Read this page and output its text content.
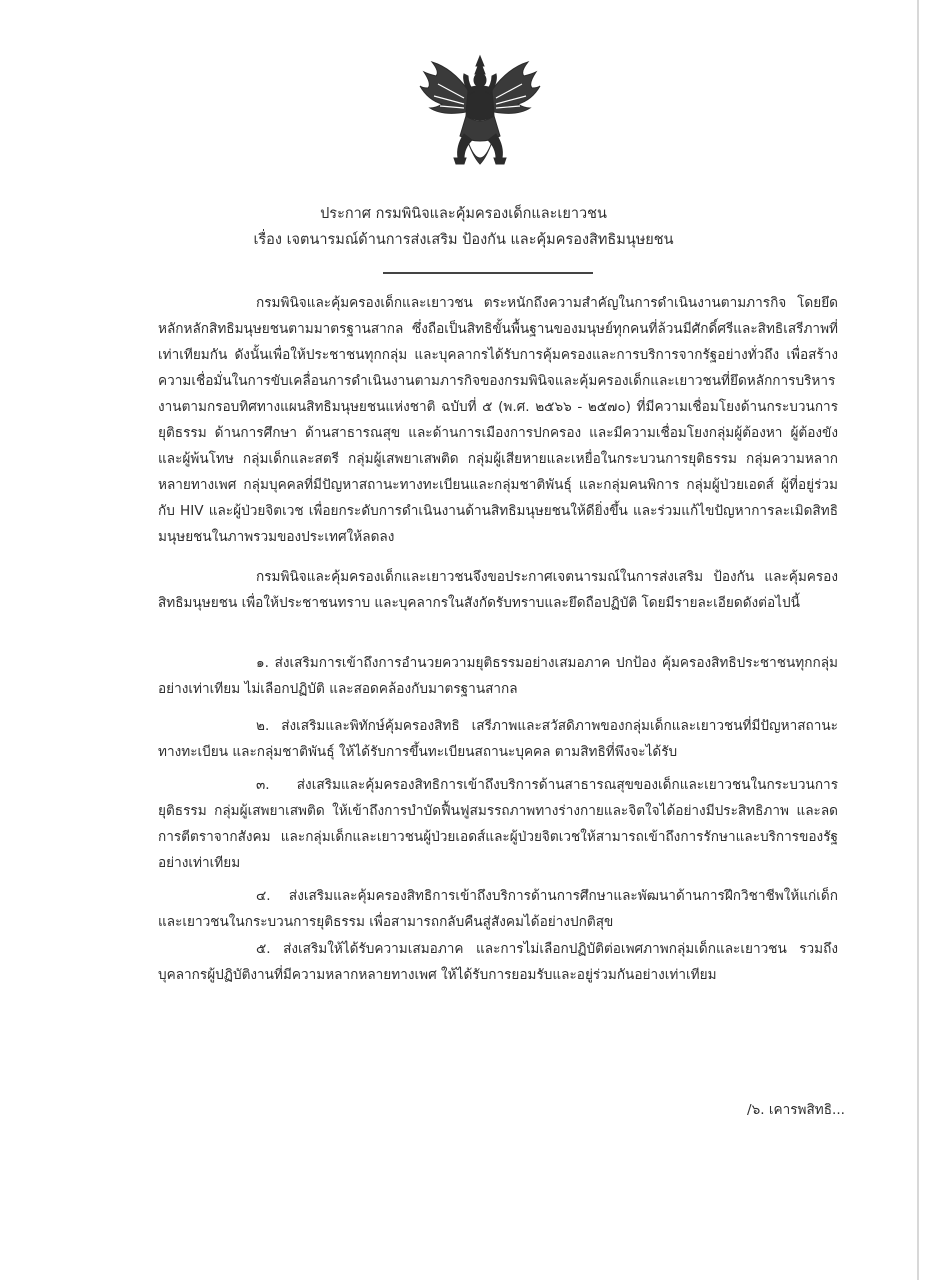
ประกาศ กรมพินิจและคุ้มครองเด็กและเยาวชน
เรื่อง เจตนารมณ์ด้านการส่งเสริม ป้องกัน และคุ้มครองสิทธิมนุษยชน

กรมพินิจและคุ้มครองเด็กและเยาวชน ตระหนักถึงความสำคัญในการดำเนินงานตามภารกิจ โดยยึดหลักหลักสิทธิมนุษยชนตามมาตรฐานสากล ซึ่งถือเป็นสิทธิขั้นพื้นฐานของมนุษย์ทุกคนที่ล้วนมีศักดิ์ศรีและสิทธิเสรีภาพที่เท่าเทียมกัน ดังนั้นเพื่อให้ประชาชนทุกกลุ่ม และบุคลากรได้รับการคุ้มครองและการบริการจากรัฐอย่างทั่วถึง เพื่อสร้างความเชื่อมั่นในการขับเคลื่อนการดำเนินงานตามภารกิจของกรมพินิจและคุ้มครองเด็กและเยาวชนที่ยึดหลักการบริหารงานตามกรอบทิศทางแผนสิทธิมนุษยชนแห่งชาติ ฉบับที่ ๕ (พ.ศ. ๒๕๖๖ - ๒๕๗๐) ที่มีความเชื่อมโยงด้านกระบวนการยุติธรรม ด้านการศึกษา ด้านสาธารณสุข และด้านการเมืองการปกครอง และมีความเชื่อมโยงกลุ่มผู้ต้องหา ผู้ต้องขังและผู้พ้นโทษ กลุ่มเด็กและสตรี กลุ่มผู้เสพยาเสพติด กลุ่มผู้เสียหายและเหยื่อในกระบวนการยุติธรรม กลุ่มความหลากหลายทางเพศ กลุ่มบุคคลที่มีปัญหาสถานะทางทะเบียนและกลุ่มชาติพันธุ์ และกลุ่มคนพิการ กลุ่มผู้ป่วยเอดส์ ผู้ที่อยู่ร่วมกับ HIV และผู้ป่วยจิตเวช เพื่อยกระดับการดำเนินงานด้านสิทธิมนุษยชนให้ดียิ่งขึ้น และร่วมแก้ไขปัญหาการละเมิดสิทธิมนุษยชนในภาพรวมของประเทศให้ลดลง

กรมพินิจและคุ้มครองเด็กและเยาวชนจึงขอประกาศเจตนารมณ์ในการส่งเสริม ป้องกัน และคุ้มครองสิทธิมนุษยชน เพื่อให้ประชาชนทราบ และบุคลากรในสังกัดรับทราบและยึดถือปฏิบัติ โดยมีรายละเอียดดังต่อไปนี้

๑. ส่งเสริมการเข้าถึงการอำนวยความยุติธรรมอย่างเสมอภาค ปกป้อง คุ้มครองสิทธิประชาชนทุกกลุ่มอย่างเท่าเทียม ไม่เลือกปฏิบัติ และสอดคล้องกับมาตรฐานสากล

๒. ส่งเสริมและพิทักษ์คุ้มครองสิทธิ เสรีภาพและสวัสดิภาพของกลุ่มเด็กและเยาวชนที่มีปัญหาสถานะทางทะเบียน และกลุ่มชาติพันธุ์ ให้ได้รับการขึ้นทะเบียนสถานะบุคคล ตามสิทธิที่พึงจะได้รับ

๓. ส่งเสริมและคุ้มครองสิทธิการเข้าถึงบริการด้านสาธารณสุขของเด็กและเยาวชนในกระบวนการยุติธรรม กลุ่มผู้เสพยาเสพติด ให้เข้าถึงการบำบัดฟื้นฟูสมรรถภาพทางร่างกายและจิตใจได้อย่างมีประสิทธิภาพ และลดการตีตราจากสังคม และกลุ่มเด็กและเยาวชนผู้ป่วยเอดส์และผู้ป่วยจิตเวชให้สามารถเข้าถึงการรักษาและบริการของรัฐอย่างเท่าเทียม

๔. ส่งเสริมและคุ้มครองสิทธิการเข้าถึงบริการด้านการศึกษาและพัฒนาด้านการฝึกวิชาชีพให้แก่เด็กและเยาวชนในกระบวนการยุติธรรม เพื่อสามารถกลับคืนสู่สังคมได้อย่างปกติสุข

๕. ส่งเสริมให้ได้รับความเสมอภาค และการไม่เลือกปฏิบัติต่อเพศภาพกลุ่มเด็กและเยาวชน รวมถึงบุคลากรผู้ปฏิบัติงานที่มีความหลากหลายทางเพศ ให้ได้รับการยอมรับและอยู่ร่วมกันอย่างเท่าเทียม

/๖. เคารพสิทธิ...
